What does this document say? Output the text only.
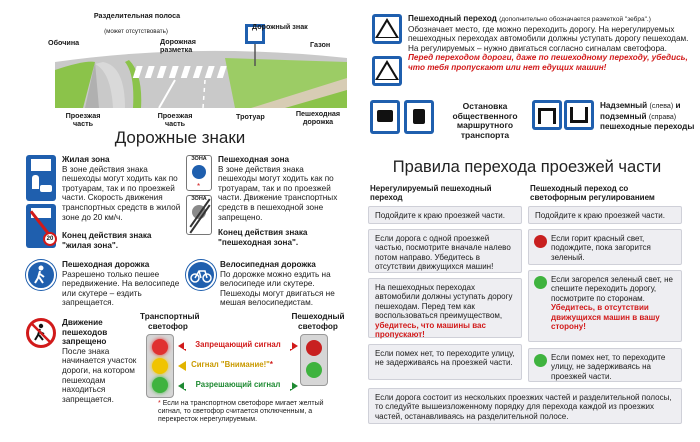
Разделительная полоса
(может отсутствовать)
Обочина	Дорожная разметка
Дорожный знак
Газон
Проезжая часть
Проезжая часть
Тротуар	Пешеходная дорожка
Дорожные знаки
20
Жилая зона
В зоне действия знака пешеходы могут ходить как по тротуарам, так и по проезжей части. Скорость движения транспортных средств в жилой зоне до 20 км/ч.
Конец действия знака "жилая зона".
ЗОНА
*
ЗОНА
Пешеходная зона
В зоне действия знака пешеходы могут ходить как по тротуарам, так и по проезжей части. Движение транспортных средств в пешеходной зоне запрещено.
Конец действия знака "пешеходная зона".
Пешеходная дорожка
Разрешено только пешее передвижение. На велосипеде или скутере – ездить запрещается.
Велосипедная дорожка
По дорожке можно ездить на велосипеде или скутере. Пешеходы могут двигаться не мешая велосипедистам.
Движение пешеходов запрещено
После знака начинается участок дороги, на котором пешеходам находиться запрещается.
Транспортный светофор
Пешеходный светофор
Запрещающий сигнал
Сигнал "Внимание!"*
Разрешающий сигнал
* Если на транспортном светофоре мигает желтый сигнал, то светофор считается отключенным, а перекресток нерегулируемым.
Пешеходный переход (дополнительно обозначается разметкой "зебра".)
Обозначает место, где можно переходить дорогу. На нерегулируемых пешеходных переходах автомобили должны уступать дорогу пешеходам. На регулируемых – нужно двигаться согласно сигналам светофора.
Перед переходом дороги, даже по пешеходному переходу, убедись, что тебя пропускают или нет едущих машин!
Остановка общественного маршрутного транспорта
Надземный (слева) и подземный (справа) пешеходные переходы
Правила перехода проезжей части
Нерегулируемый пешеходный переход
Пешеходный переход со светофорным регулированием
Подойдите к краю проезжей части.
Если дорога с одной проезжей частью, посмотрите вначале налево потом направо. Убедитесь в отсутствии движущихся машин!
На пешеходных переходах автомобили должны уступать дорогу пешеходам. Перед тем как воспользоваться преимуществом, убедитесь, что машины вас пропускают!
Если помех нет, то переходите улицу, не задерживаясь на проезжей части.
Подойдите к краю проезжей части.
Если горит красный свет, подождите, пока загорится зеленый.
Если загорелся зеленый свет, не спешите переходить дорогу, посмотрите по сторонам. Убедитесь, в отсутствии движущихся машин в вашу сторону!
Если помех нет, то переходите улицу, не задерживаясь на проезжей части.
Если дорога состоит из нескольких проезжих частей и разделительной полосы, то следуйте вышеизложенному порядку для перехода каждой из проезжих частей, останавливаясь на разделительной полосе.
